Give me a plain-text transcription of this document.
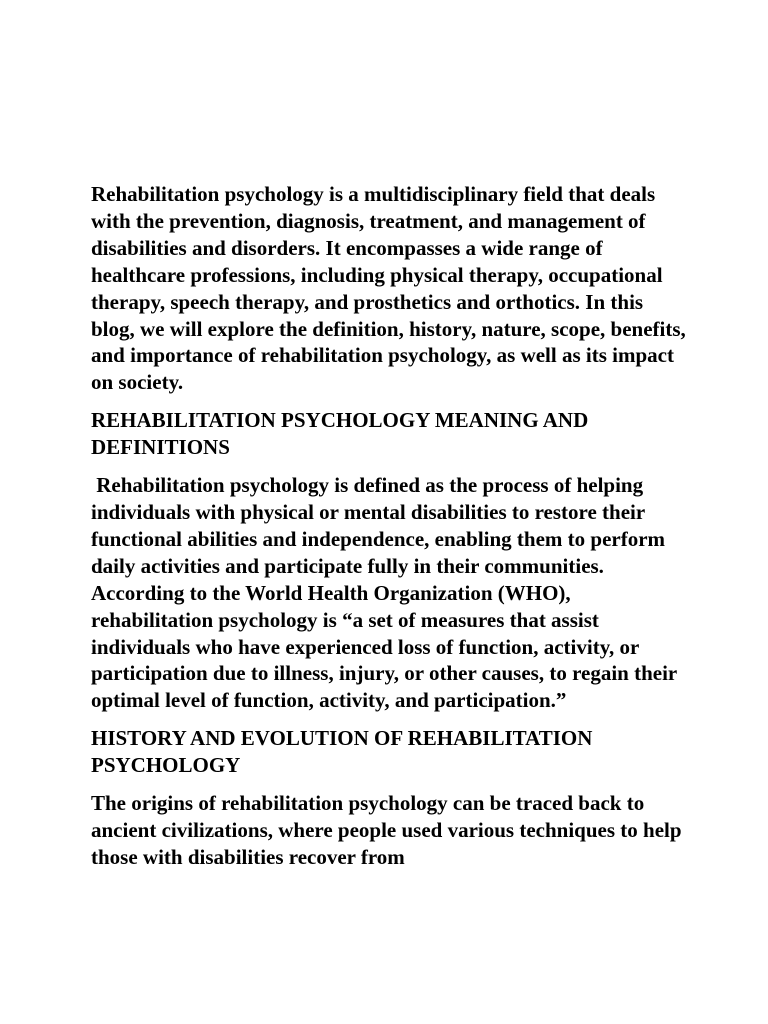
Rehabilitation psychology is a multidisciplinary field that deals with the prevention, diagnosis, treatment, and management of disabilities and disorders. It encompasses a wide range of healthcare professions, including physical therapy, occupational therapy, speech therapy, and prosthetics and orthotics. In this blog, we will explore the definition, history, nature, scope, benefits, and importance of rehabilitation psychology, as well as its impact on society.

REHABILITATION PSYCHOLOGY MEANING AND DEFINITIONS

Rehabilitation psychology is defined as the process of helping individuals with physical or mental disabilities to restore their functional abilities and independence, enabling them to perform daily activities and participate fully in their communities. According to the World Health Organization (WHO), rehabilitation psychology is “a set of measures that assist individuals who have experienced loss of function, activity, or participation due to illness, injury, or other causes, to regain their optimal level of function, activity, and participation.”

HISTORY AND EVOLUTION OF REHABILITATION PSYCHOLOGY

The origins of rehabilitation psychology can be traced back to ancient civilizations, where people used various techniques to help those with disabilities recover from
